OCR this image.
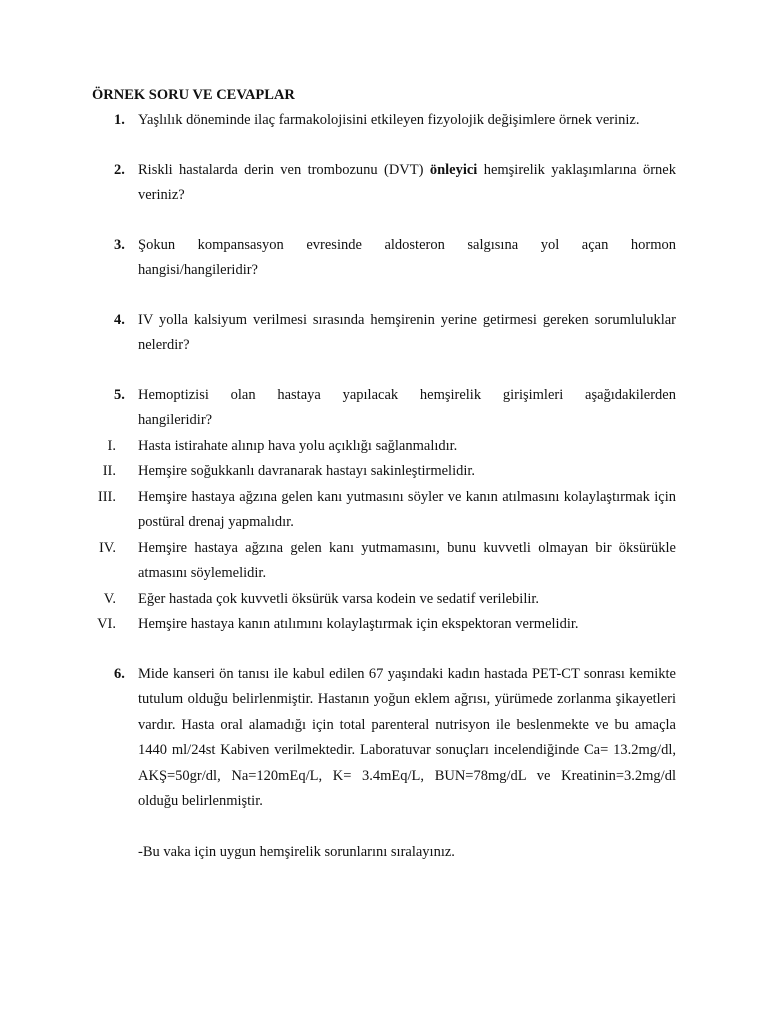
ÖRNEK SORU VE CEVAPLAR
1. Yaşlılık döneminde ilaç farmakolojisini etkileyen fizyolojik değişimlere örnek veriniz.
2. Riskli hastalarda derin ven trombozunu (DVT) önleyici hemşirelik yaklaşımlarına örnek veriniz?
3. Şokun kompansasyon evresinde aldosteron salgısına yol açan hormon
hangisi/hangileridir?
4. IV yolla kalsiyum verilmesi sırasında hemşirenin yerine getirmesi gereken sorumluluklar nelerdir?
5. Hemoptizisi olan hastaya yapılacak hemşirelik girişimleri aşağıdakilerden
hangileridir?
I. Hasta istirahate alınıp hava yolu açıklığı sağlanmalıdır.
II. Hemşire soğukkanlı davranarak hastayı sakinleştirmelidir.
III. Hemşire hastaya ağzına gelen kanı yutmasını söyler ve kanın atılmasını kolaylaştırmak için postüral drenaj yapmalıdır.
IV. Hemşire hastaya ağzına gelen kanı yutmamasını, bunu kuvvetli olmayan bir öksürükle atmasını söylemelidir.
V. Eğer hastada çok kuvvetli öksürük varsa kodein ve sedatif verilebilir.
VI. Hemşire hastaya kanın atılımını kolaylaştırmak için ekspektoran vermelidir.
6. Mide kanseri ön tanısı ile kabul edilen 67 yaşındaki kadın hastada PET-CT sonrası kemikte tutulum olduğu belirlenmiştir. Hastanın yoğun eklem ağrısı, yürümede zorlanma şikayetleri vardır. Hasta oral alamadığı için total parenteral nutrisyon ile beslenmekte ve bu amaçla 1440 ml/24st Kabiven verilmektedir. Laboratuvar sonuçları incelendiğinde Ca= 13.2mg/dl, AKŞ=50gr/dl, Na=120mEq/L, K= 3.4mEq/L, BUN=78mg/dL ve Kreatinin=3.2mg/dl olduğu belirlenmiştir.
-Bu vaka için uygun hemşirelik sorunlarını sıralayınız.
